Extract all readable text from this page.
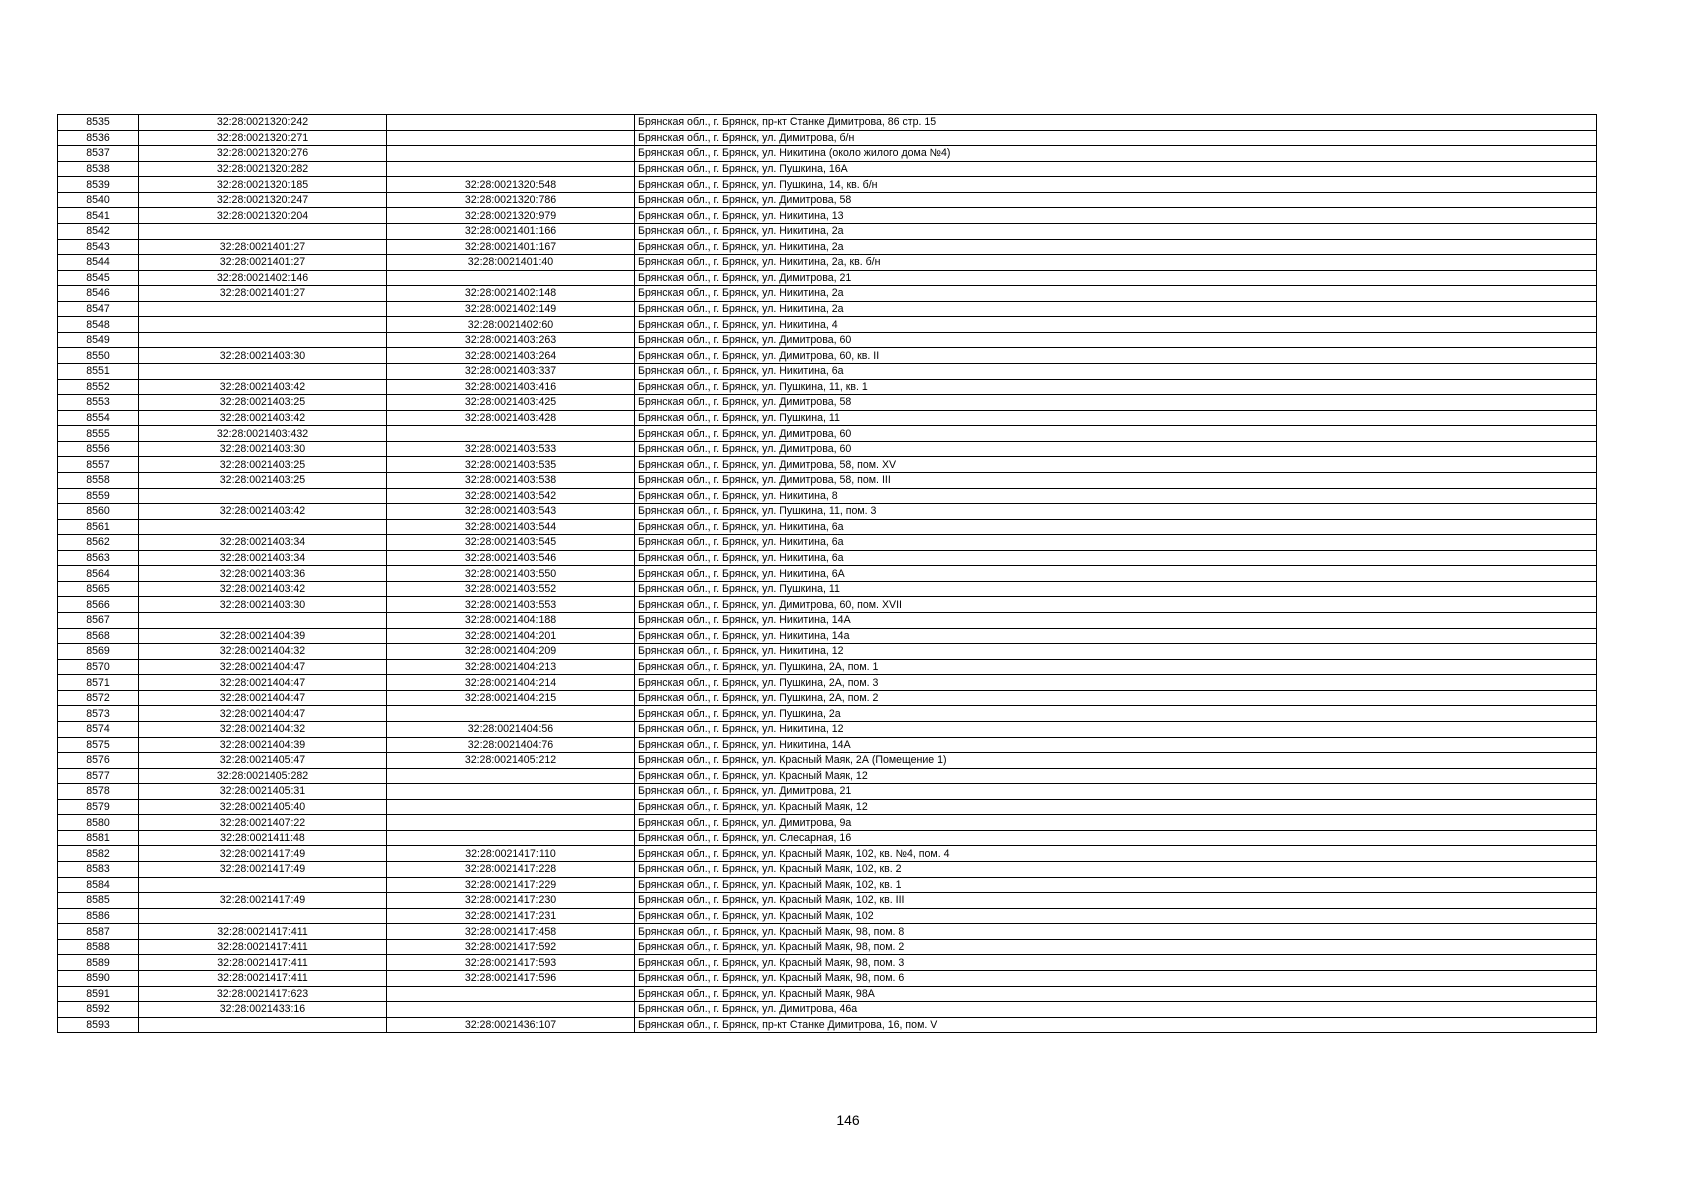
8535	32:28:0021320:242		Брянская обл., г. Брянск, пр-кт Станке Димитрова, 86 стр. 15
8536	32:28:0021320:271		Брянская обл., г. Брянск, ул. Димитрова, б/н
8537	32:28:0021320:276		Брянская обл., г. Брянск, ул. Никитина (около жилого дома №4)
8538	32:28:0021320:282		Брянская обл., г. Брянск, ул. Пушкина, 16А
8539	32:28:0021320:185	32:28:0021320:548	Брянская обл., г. Брянск, ул. Пушкина, 14, кв. б/н
8540	32:28:0021320:247	32:28:0021320:786	Брянская обл., г. Брянск, ул. Димитрова, 58
8541	32:28:0021320:204	32:28:0021320:979	Брянская обл., г. Брянск, ул. Никитина, 13
8542		32:28:0021401:166	Брянская обл., г. Брянск, ул. Никитина, 2а
8543	32:28:0021401:27	32:28:0021401:167	Брянская обл., г. Брянск, ул. Никитина, 2а
8544	32:28:0021401:27	32:28:0021401:40	Брянская обл., г. Брянск, ул. Никитина, 2а, кв. б/н
8545	32:28:0021402:146		Брянская обл., г. Брянск, ул. Димитрова, 21
8546	32:28:0021401:27	32:28:0021402:148	Брянская обл., г. Брянск, ул. Никитина, 2а
8547		32:28:0021402:149	Брянская обл., г. Брянск, ул. Никитина, 2а
8548		32:28:0021402:60	Брянская обл., г. Брянск, ул. Никитина, 4
8549		32:28:0021403:263	Брянская обл., г. Брянск, ул. Димитрова, 60
8550	32:28:0021403:30	32:28:0021403:264	Брянская обл., г. Брянск, ул. Димитрова, 60, кв. II
8551		32:28:0021403:337	Брянская обл., г. Брянск, ул. Никитина, 6а
8552	32:28:0021403:42	32:28:0021403:416	Брянская обл., г. Брянск, ул. Пушкина, 11, кв. 1
8553	32:28:0021403:25	32:28:0021403:425	Брянская обл., г. Брянск, ул. Димитрова, 58
8554	32:28:0021403:42	32:28:0021403:428	Брянская обл., г. Брянск, ул. Пушкина, 11
8555	32:28:0021403:432		Брянская обл., г. Брянск, ул. Димитрова, 60
8556	32:28:0021403:30	32:28:0021403:533	Брянская обл., г. Брянск, ул. Димитрова, 60
8557	32:28:0021403:25	32:28:0021403:535	Брянская обл., г. Брянск, ул. Димитрова, 58, пом. XV
8558	32:28:0021403:25	32:28:0021403:538	Брянская обл., г. Брянск, ул. Димитрова, 58, пом. III
8559		32:28:0021403:542	Брянская обл., г. Брянск, ул. Никитина, 8
8560	32:28:0021403:42	32:28:0021403:543	Брянская обл., г. Брянск, ул. Пушкина, 11, пом. 3
8561		32:28:0021403:544	Брянская обл., г. Брянск, ул. Никитина, 6а
8562	32:28:0021403:34	32:28:0021403:545	Брянская обл., г. Брянск, ул. Никитина, 6а
8563	32:28:0021403:34	32:28:0021403:546	Брянская обл., г. Брянск, ул. Никитина, 6а
8564	32:28:0021403:36	32:28:0021403:550	Брянская обл., г. Брянск, ул. Никитина, 6А
8565	32:28:0021403:42	32:28:0021403:552	Брянская обл., г. Брянск, ул. Пушкина, 11
8566	32:28:0021403:30	32:28:0021403:553	Брянская обл., г. Брянск, ул. Димитрова, 60, пом. XVII
8567		32:28:0021404:188	Брянская обл., г. Брянск, ул. Никитина, 14А
8568	32:28:0021404:39	32:28:0021404:201	Брянская обл., г. Брянск, ул. Никитина, 14а
8569	32:28:0021404:32	32:28:0021404:209	Брянская обл., г. Брянск, ул. Никитина, 12
8570	32:28:0021404:47	32:28:0021404:213	Брянская обл., г. Брянск, ул. Пушкина, 2А, пом. 1
8571	32:28:0021404:47	32:28:0021404:214	Брянская обл., г. Брянск, ул. Пушкина, 2А, пом. 3
8572	32:28:0021404:47	32:28:0021404:215	Брянская обл., г. Брянск, ул. Пушкина, 2А, пом. 2
8573	32:28:0021404:47		Брянская обл., г. Брянск, ул. Пушкина, 2а
8574	32:28:0021404:32	32:28:0021404:56	Брянская обл., г. Брянск, ул. Никитина, 12
8575	32:28:0021404:39	32:28:0021404:76	Брянская обл., г. Брянск, ул. Никитина, 14А
8576	32:28:0021405:47	32:28:0021405:212	Брянская обл., г. Брянск, ул. Красный Маяк, 2А (Помещение 1)
8577	32:28:0021405:282		Брянская обл., г. Брянск, ул. Красный Маяк, 12
8578	32:28:0021405:31		Брянская обл., г. Брянск, ул. Димитрова, 21
8579	32:28:0021405:40		Брянская обл., г. Брянск, ул. Красный Маяк, 12
8580	32:28:0021407:22		Брянская обл., г. Брянск, ул. Димитрова, 9а
8581	32:28:0021411:48		Брянская обл., г. Брянск, ул. Слесарная, 16
8582	32:28:0021417:49	32:28:0021417:110	Брянская обл., г. Брянск, ул. Красный Маяк, 102, кв. №4, пом. 4
8583	32:28:0021417:49	32:28:0021417:228	Брянская обл., г. Брянск, ул. Красный Маяк, 102, кв. 2
8584		32:28:0021417:229	Брянская обл., г. Брянск, ул. Красный Маяк, 102, кв. 1
8585	32:28:0021417:49	32:28:0021417:230	Брянская обл., г. Брянск, ул. Красный Маяк, 102, кв. III
8586		32:28:0021417:231	Брянская обл., г. Брянск, ул. Красный Маяк, 102
8587	32:28:0021417:411	32:28:0021417:458	Брянская обл., г. Брянск, ул. Красный Маяк, 98, пом. 8
8588	32:28:0021417:411	32:28:0021417:592	Брянская обл., г. Брянск, ул. Красный Маяк, 98, пом. 2
8589	32:28:0021417:411	32:28:0021417:593	Брянская обл., г. Брянск, ул. Красный Маяк, 98, пом. 3
8590	32:28:0021417:411	32:28:0021417:596	Брянская обл., г. Брянск, ул. Красный Маяк, 98, пом. 6
8591	32:28:0021417:623		Брянская обл., г. Брянск, ул. Красный Маяк, 98А
8592	32:28:0021433:16		Брянская обл., г. Брянск, ул. Димитрова, 46а
8593		32:28:0021436:107	Брянская обл., г. Брянск, пр-кт Станке Димитрова, 16, пом. V
146
